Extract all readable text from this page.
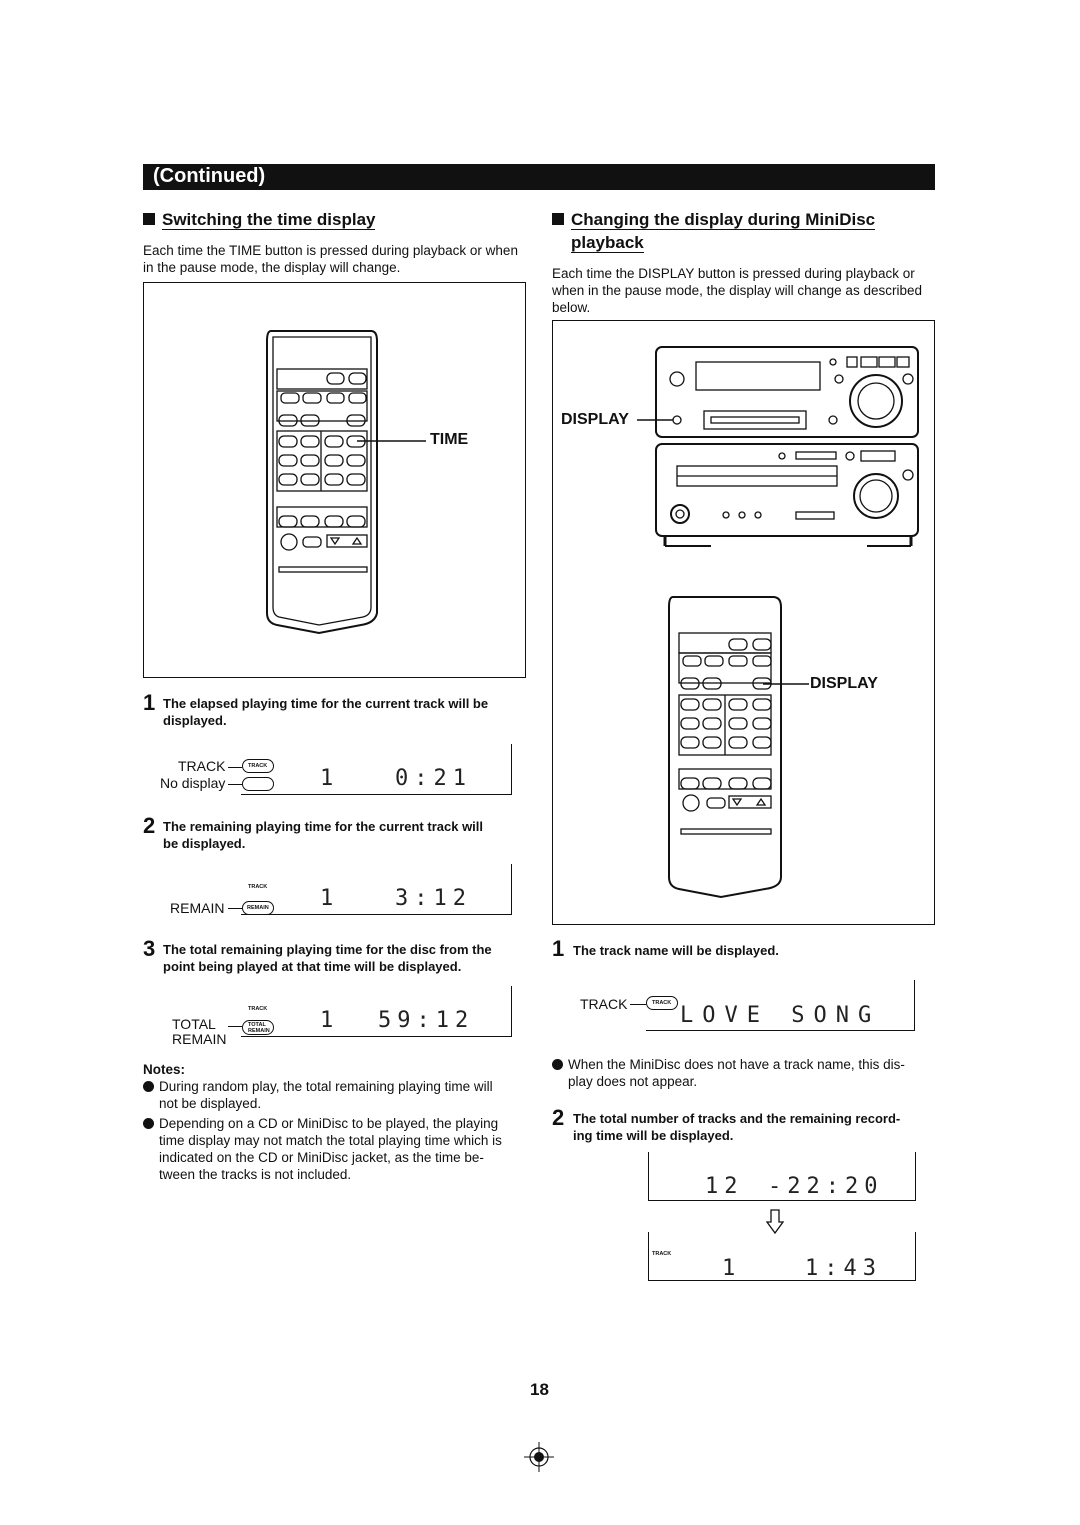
(Continued)
Switching the time display
Each time the TIME button is pressed during playback or when
in the pause mode, the display will change.
TIME
1 The elapsed playing time for the current track will be
displayed.
TRACK
No display
TRACK 1	0:21
2 The remaining playing time for the current track will
be displayed.
TRACK
REMAIN	REMAIN 1	3:12
3 The total remaining playing time for the disc from the
point being played at that time will be displayed.
TRACK
TOTAL
REMAIN
TOTAL
REMAIN 1 59:12
Notes:
During random play, the total remaining playing time will
not be displayed.
Depending on a CD or MiniDisc to be played, the playing
time display may not match the total playing time which is
indicated on the CD or MiniDisc jacket, as the time be-
tween the tracks is not included.
Changing the display during MiniDisc
playback
Each time the DISPLAY button is pressed during playback or
when in the pause mode, the display will change as described
below.
DISPLAY
DISPLAY
1 The track name will be displayed.
TRACK	TRACK LOVE SONG
When the MiniDisc does not have a track name, this dis-
play does not appear.
2 The total number of tracks and the remaining record-
ing time will be displayed.
12 -22:20
TRACK
1	1:43
18
